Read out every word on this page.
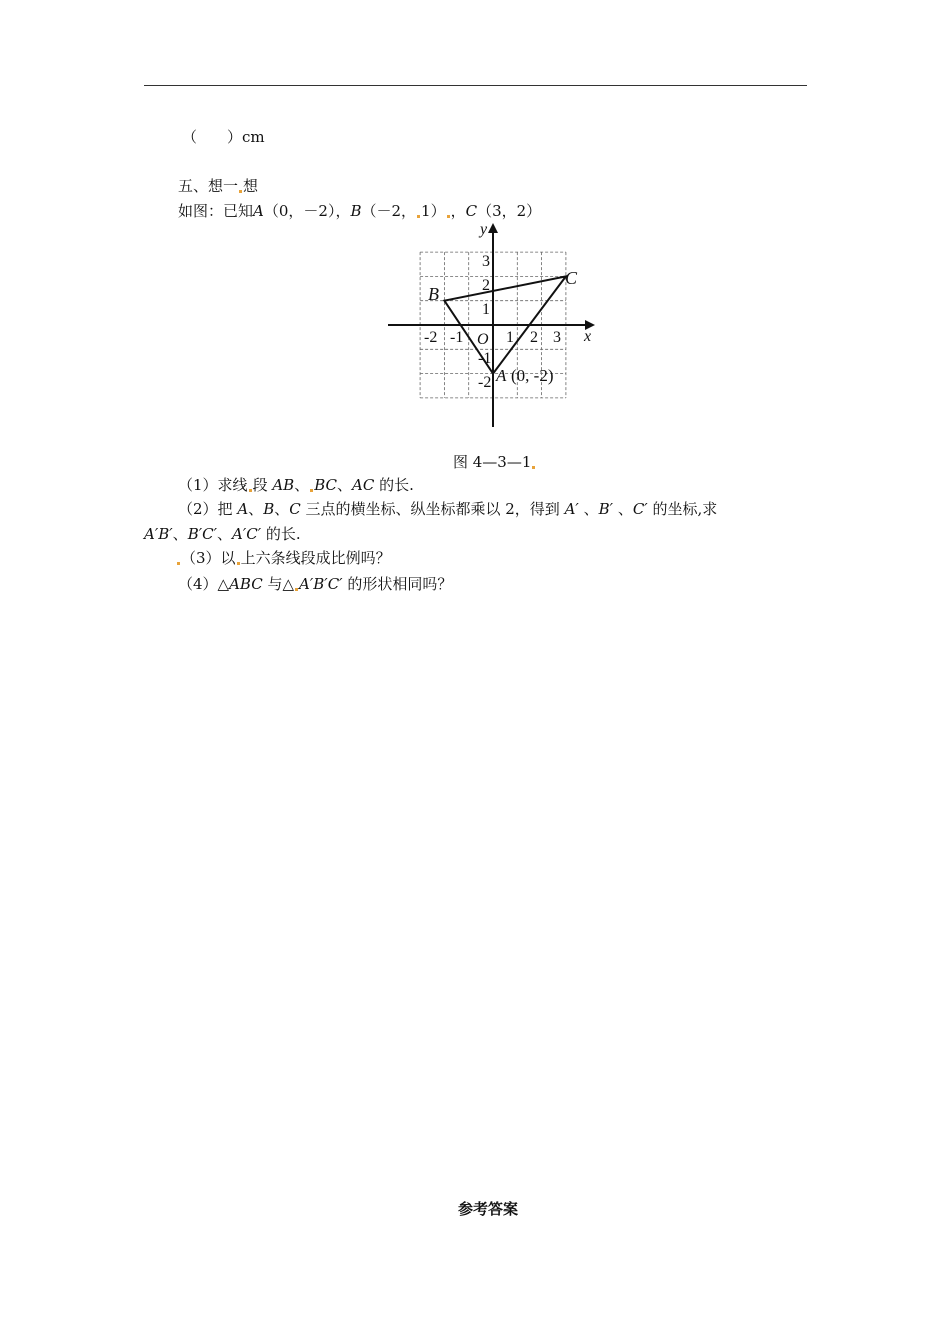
（　　）cm
五、想一 想
如图：已知A（0，－2），B（－2， 1） ，C（3，2）
x
y
O
-2 -1	1 2 3
3
2
1
-1
-2
B
C
A (0, -2)
图 4—3—1
（1）求线 段 AB、 BC、AC 的长.
（2）把 A、B、C 三点的横坐标、纵坐标都乘以 2，得到 A′ 、B′ 、C′ 的坐标,求
A′B′、B′C′、A′C′ 的长.
（3）以 上六条线段成比例吗？
（4）△ABC 与△ A′B′C′ 的形状相同吗？
参考答案
